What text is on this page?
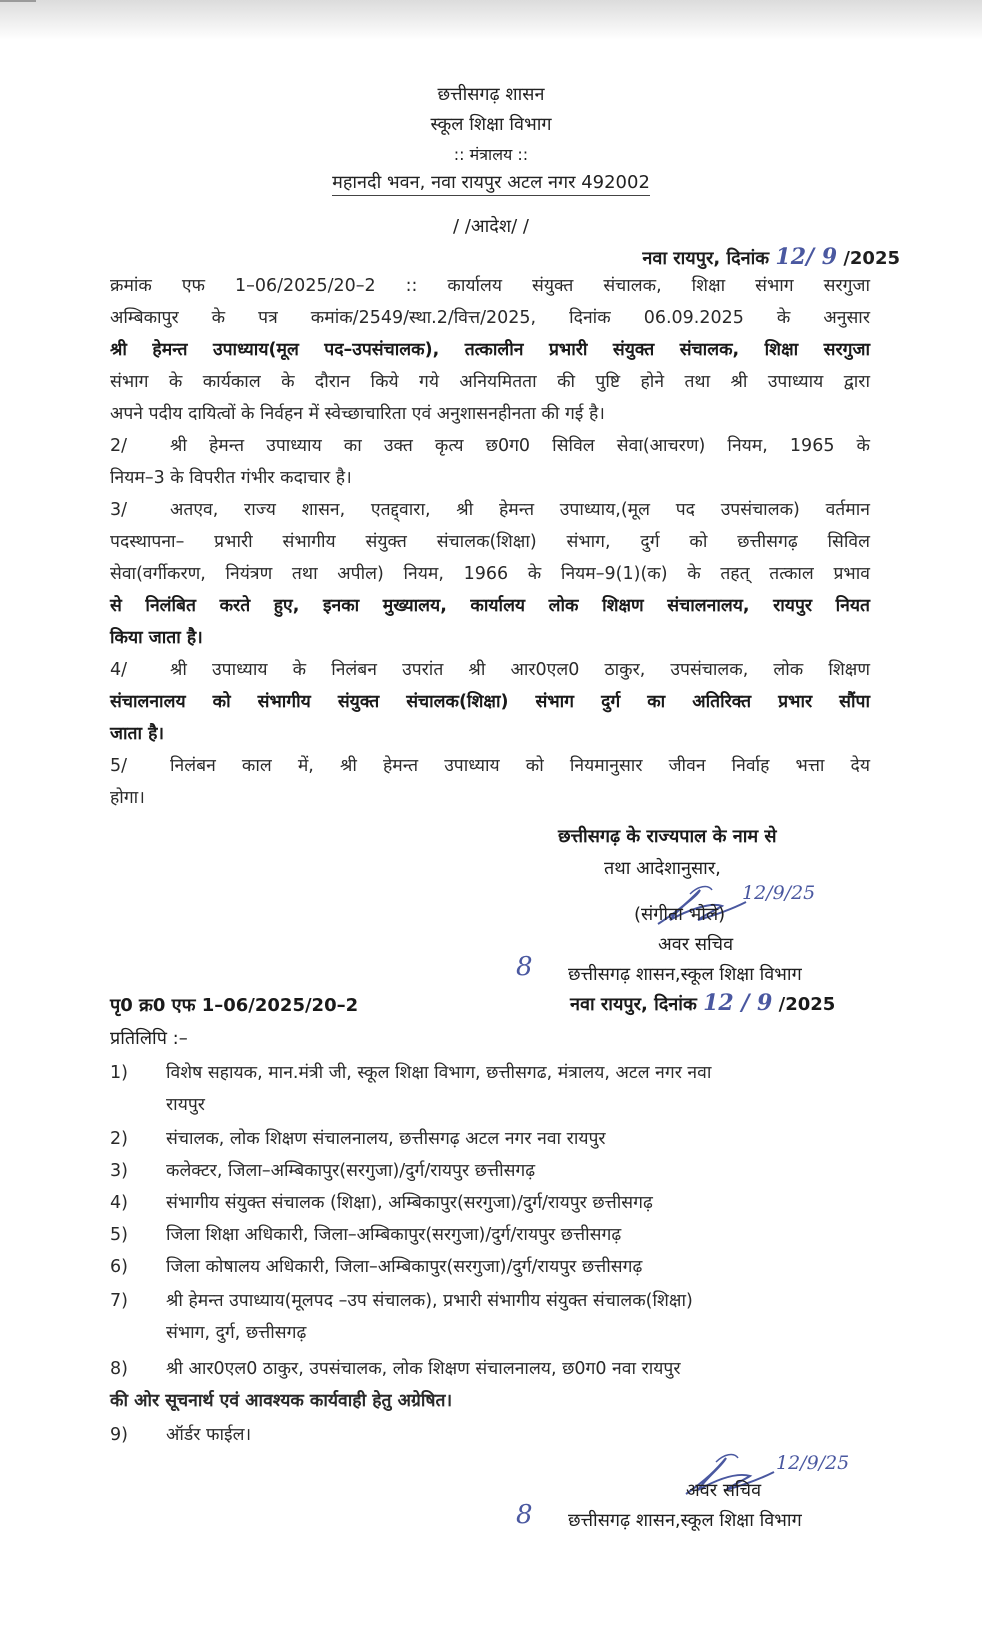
छत्तीसगढ़ शासन
स्कूल शिक्षा विभाग
:: मंत्रालय ::
महानदी भवन, नवा रायपुर अटल नगर 492002
/ /आदेश/ /
नवा रायपुर, दिनांक 12/ 9 /2025
क्रमांक एफ 1–06/2025/20–2 :: कार्यालय संयुक्त संचालक, शिक्षा संभाग सरगुजा
अम्बिकापुर के पत्र कमांक/2549/स्था.2/वित्त/2025, दिनांक 06.09.2025 के अनुसार
श्री हेमन्त उपाध्याय(मूल पद–उपसंचालक), तत्कालीन प्रभारी संयुक्त संचालक, शिक्षा सरगुजा
संभाग के कार्यकाल के दौरान किये गये अनियमितता की पुष्टि होने तथा श्री उपाध्याय द्वारा
अपने पदीय दायित्वों के निर्वहन में स्वेच्छाचारिता एवं अनुशासनहीनता की गई है।
2/ श्री हेमन्त उपाध्याय का उक्त कृत्य छ0ग0 सिविल सेवा(आचरण) नियम, 1965 के
नियम–3 के विपरीत गंभीर कदाचार है।
3/ अतएव, राज्य शासन, एतद्द्वारा, श्री हेमन्त उपाध्याय,(मूल पद उपसंचालक) वर्तमान
पदस्थापना– प्रभारी संभागीय संयुक्त संचालक(शिक्षा) संभाग, दुर्ग को छत्तीसगढ़ सिविल
सेवा(वर्गीकरण, नियंत्रण तथा अपील) नियम, 1966 के नियम–9(1)(क) के तहत् तत्काल प्रभाव
से निलंबित करते हुए, इनका मुख्यालय, कार्यालय लोक शिक्षण संचालनालय, रायपुर नियत
किया जाता है।
4/ श्री उपाध्याय के निलंबन उपरांत श्री आर0एल0 ठाकुर, उपसंचालक, लोक शिक्षण
संचालनालय को संभागीय संयुक्त संचालक(शिक्षा) संभाग दुर्ग का अतिरिक्त प्रभार सौंपा
जाता है।
5/ निलंबन काल में, श्री हेमन्त उपाध्याय को नियमानुसार जीवन निर्वाह भत्ता देय
होगा।
छत्तीसगढ़ के राज्यपाल के नाम से
तथा आदेशानुसार,
12/9/25
(संगीता भोले)
अवर सचिव
8 छत्तीसगढ़ शासन,स्कूल शिक्षा विभाग
पृ0 क्र0 एफ 1–06/2025/20–2	नवा रायपुर, दिनांक 12 / 9 /2025
प्रतिलिपि :–
1) विशेष सहायक, मान.मंत्री जी, स्कूल शिक्षा विभाग, छत्तीसगढ, मंत्रालय, अटल नगर नवा
रायपुर
2) संचालक, लोक शिक्षण संचालनालय, छत्तीसगढ़ अटल नगर नवा रायपुर
3) कलेक्टर, जिला–अम्बिकापुर(सरगुजा)/दुर्ग/रायपुर छत्तीसगढ़
4) संभागीय संयुक्त संचालक (शिक्षा), अम्बिकापुर(सरगुजा)/दुर्ग/रायपुर छत्तीसगढ़
5) जिला शिक्षा अधिकारी, जिला–अम्बिकापुर(सरगुजा)/दुर्ग/रायपुर छत्तीसगढ़
6) जिला कोषालय अधिकारी, जिला–अम्बिकापुर(सरगुजा)/दुर्ग/रायपुर छत्तीसगढ़
7) श्री हेमन्त उपाध्याय(मूलपद –उप संचालक), प्रभारी संभागीय संयुक्त संचालक(शिक्षा)
संभाग, दुर्ग, छत्तीसगढ़
8) श्री आर0एल0 ठाकुर, उपसंचालक, लोक शिक्षण संचालनालय, छ0ग0 नवा रायपुर
की ओर सूचनार्थ एवं आवश्यक कार्यवाही हेतु अग्रेषित।
9) ऑर्डर फाईल।
12/9/25
अवर सचिव
8 छत्तीसगढ़ शासन,स्कूल शिक्षा विभाग
